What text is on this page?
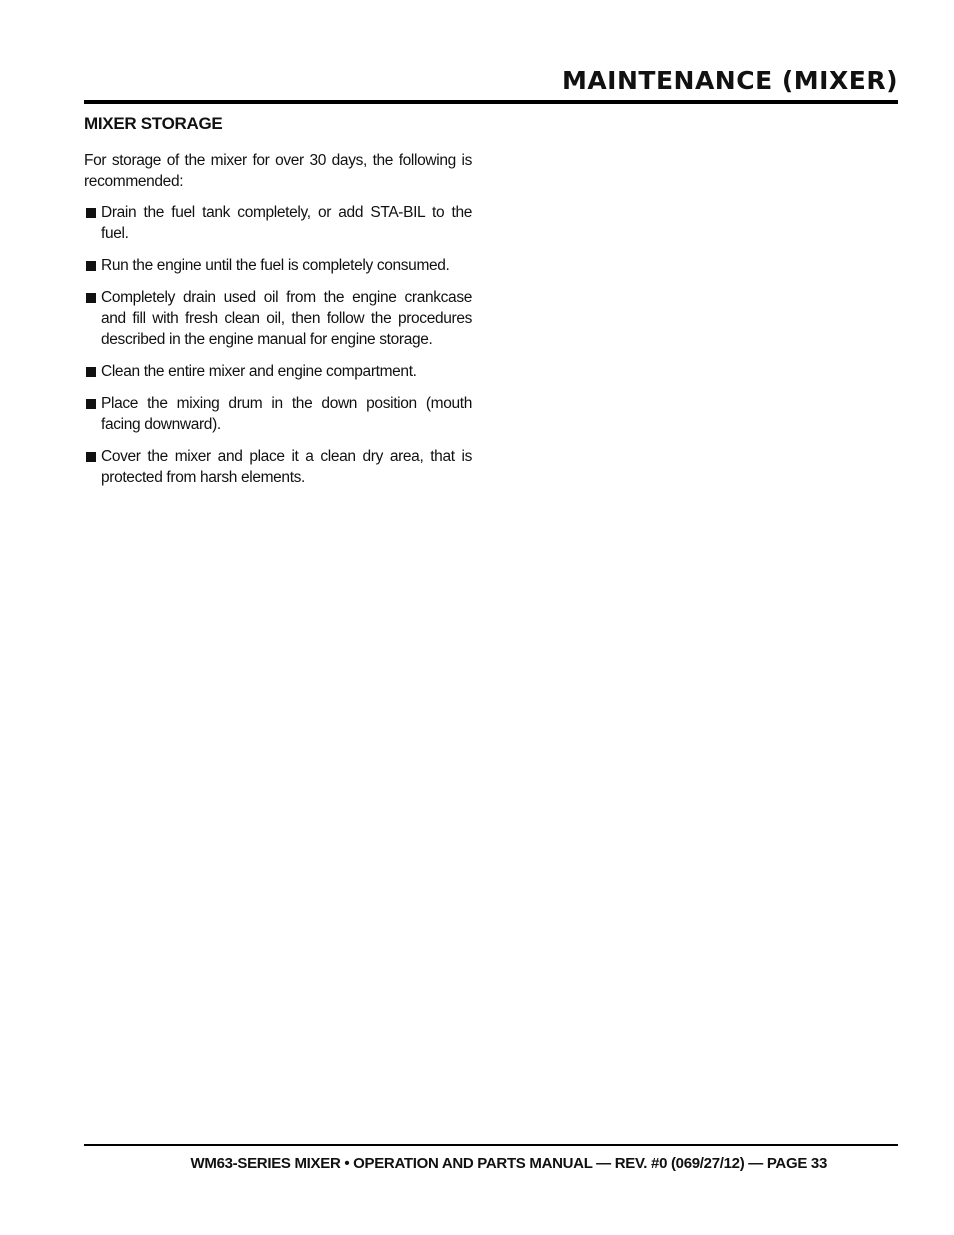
MAINTENANCE (MIXER)
MIXER STORAGE

For storage of the mixer for over 30 days, the following is recommended:

Drain the fuel tank completely, or add STA-BIL to the fuel.
Run the engine until the fuel is completely consumed.
Completely drain used oil from the engine crankcase and fill with fresh clean oil, then follow the procedures described in the engine manual for engine storage.
Clean the entire mixer and engine compartment.
Place the mixing drum in the down position (mouth facing downward).
Cover the mixer and place it a clean dry area, that is protected from harsh elements.

WM63-SERIES MIXER • OPERATION AND PARTS MANUAL — REV. #0 (069/27/12) — PAGE 33
